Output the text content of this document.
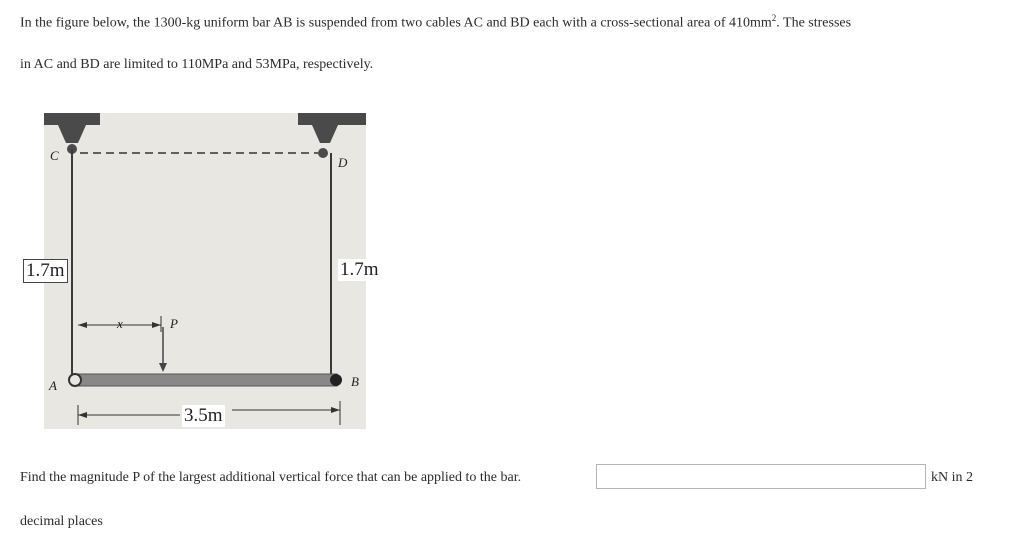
In the figure below, the 1300-kg uniform bar AB is suspended from two cables AC and BD each with a cross-sectional area of $410mm^2$. The stresses
in AC and BD are limited to 110MPa and 53MPa, respectively.
1.7m	1.7m
3.5m
C	D
A	B
P
x
Find the magnitude P of the largest additional vertical force that can be applied to the bar.	kN in 2
decimal places
